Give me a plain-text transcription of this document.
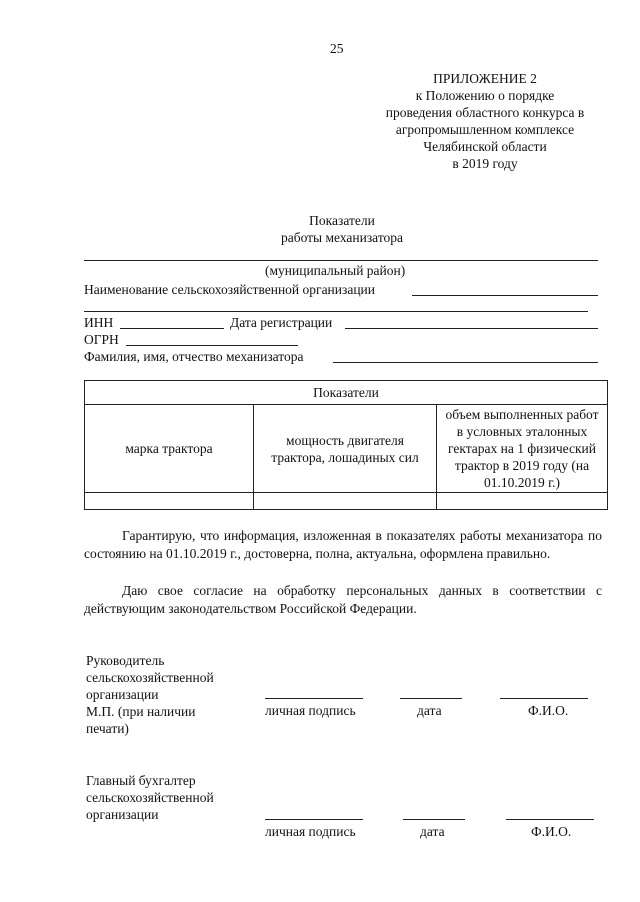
25
ПРИЛОЖЕНИЕ 2
к Положению о порядке
проведения областного конкурса в
агропромышленном комплексе
Челябинской области
в 2019 году
Показатели
работы механизатора
(муниципальный район)
Наименование сельскохозяйственной организации
ИНН	Дата регистрации
ОГРН
Фамилия, имя, отчество механизатора
Показатели		
марка трактора	мощность двигателя трактора, лошадиных сил	объем выполненных работ в условных эталонных гектарах на 1 физический трактор в 2019 году (на 01.10.2019 г.)

Гарантирую, что информация, изложенная в показателях работы механизатора по состоянию на 01.10.2019 г., достоверна, полна, актуальна, оформлена правильно.
Даю свое согласие на обработку персональных данных в соответствии с действующим законодательством Российской Федерации.
Руководитель
сельскохозяйственной
организации
М.П. (при наличии
печати)
личная подпись	дата	Ф.И.О.
Главный бухгалтер
сельскохозяйственной
организации
личная подпись	дата	Ф.И.О.
